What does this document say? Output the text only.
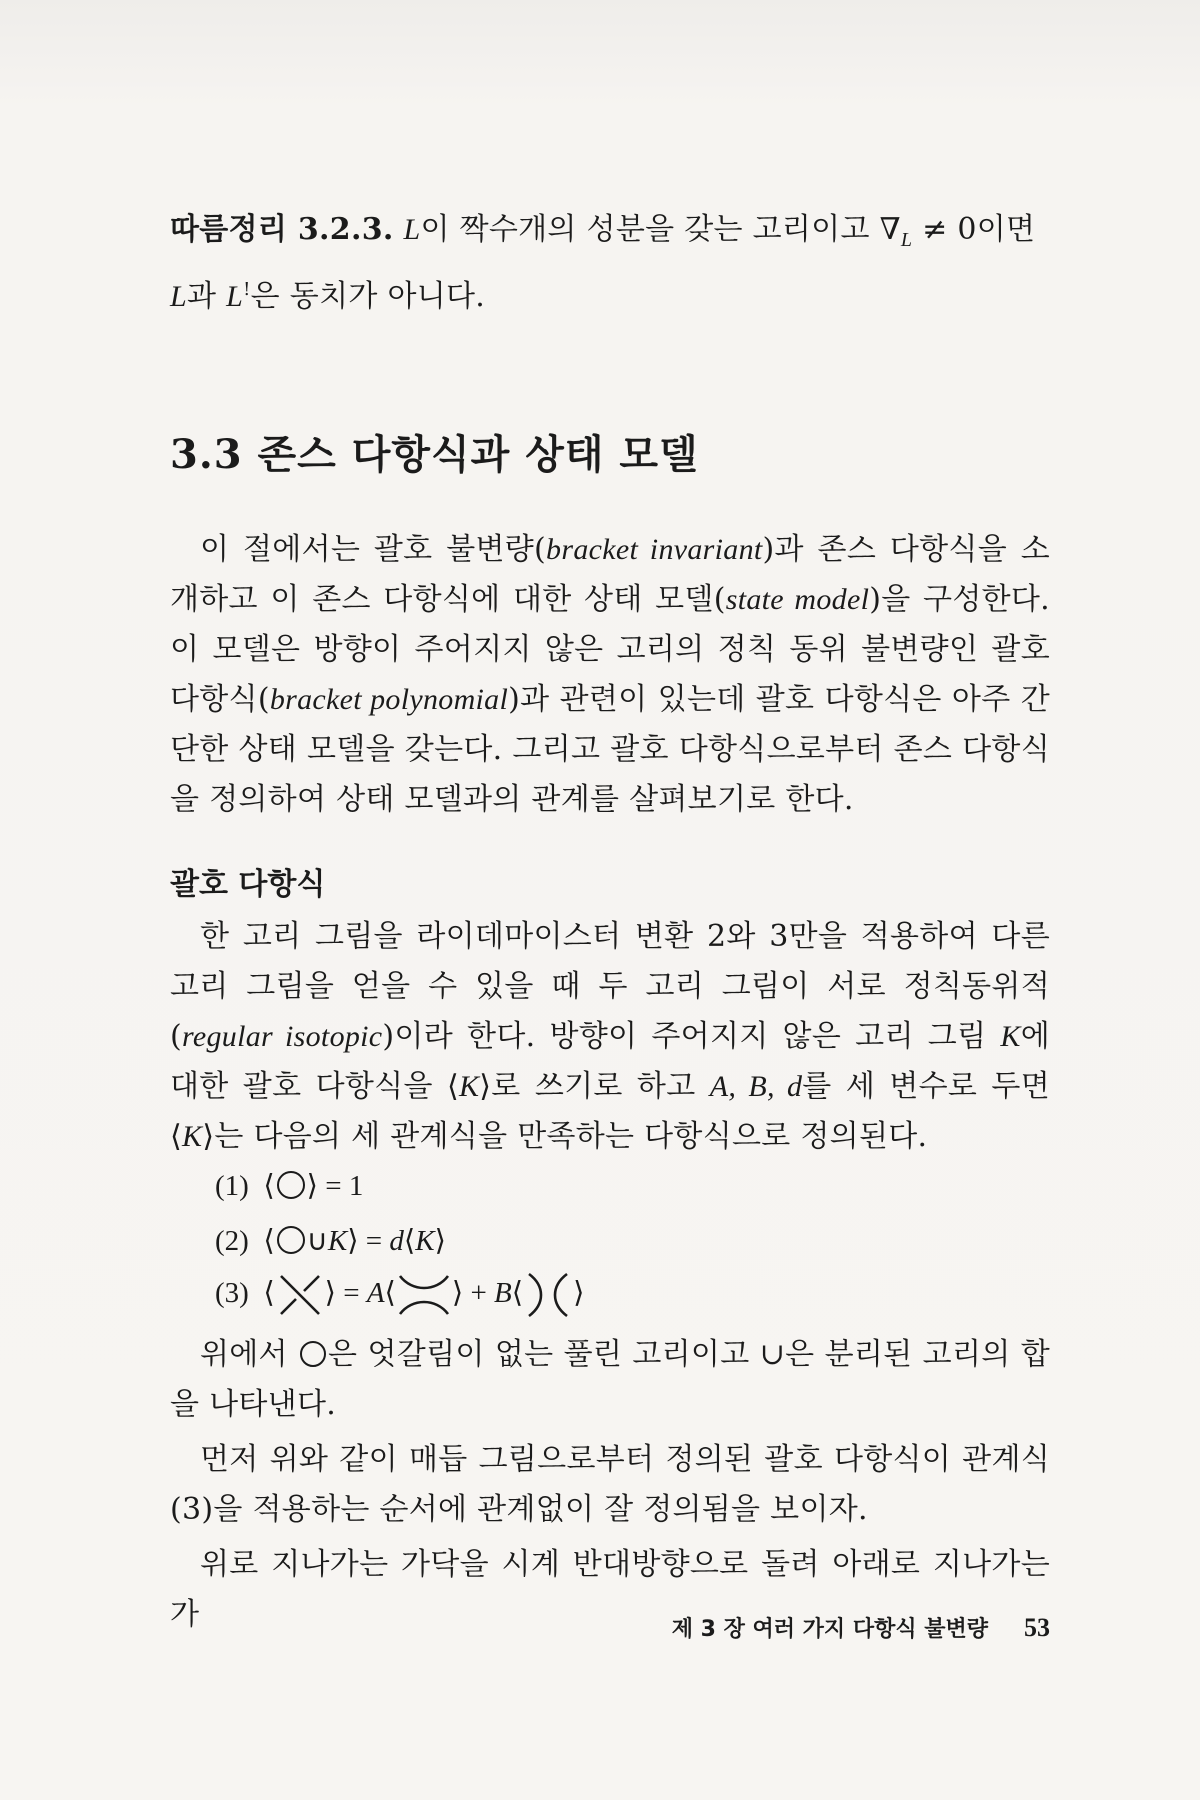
따름정리 3.2.3. L이 짝수개의 성분을 갖는 고리이고 $\nabla_L \ne 0$이면
L과 L!은 동치가 아니다.
3.3 존스 다항식과 상태 모델
이 절에서는 괄호 불변량(bracket invariant)과 존스 다항식을 소개하고 이 존스 다항식에 대한 상태 모델(state model)을 구성한다. 이 모델은 방향이 주어지지 않은 고리의 정칙 동위 불변량인 괄호 다항식(bracket polynomial)과 관련이 있는데 괄호 다항식은 아주 간단한 상태 모델을 갖는다. 그리고 괄호 다항식으로부터 존스 다항식을 정의하여 상태 모델과의 관계를 살펴보기로 한다.
괄호 다항식
한 고리 그림을 라이데마이스터 변환 2와 3만을 적용하여 다른 고리 그림을 얻을 수 있을 때 두 고리 그림이 서로 정칙동위적(regular isotopic)이라 한다. 방향이 주어지지 않은 고리 그림 K에 대한 괄호 다항식을 ⟨K⟩로 쓰기로 하고 A, B, d를 세 변수로 두면 ⟨K⟩는 다음의 세 관계식을 만족하는 다항식으로 정의된다.
(1) ⟨ ⟩ = 1
(2) ⟨ ∪K⟩ = d⟨K⟩
(3) ⟨ ⟩ = A⟨ ⟩ + B⟨ ⟩
위에서 은 엇갈림이 없는 풀린 고리이고 ∪은 분리된 고리의 합을 나타낸다.
먼저 위와 같이 매듭 그림으로부터 정의된 괄호 다항식이 관계식 (3)을 적용하는 순서에 관계없이 잘 정의됨을 보이자.
위로 지나가는 가닥을 시계 반대방향으로 돌려 아래로 지나가는 가	제 3 장 여러 가지 다항식 불변량 53
